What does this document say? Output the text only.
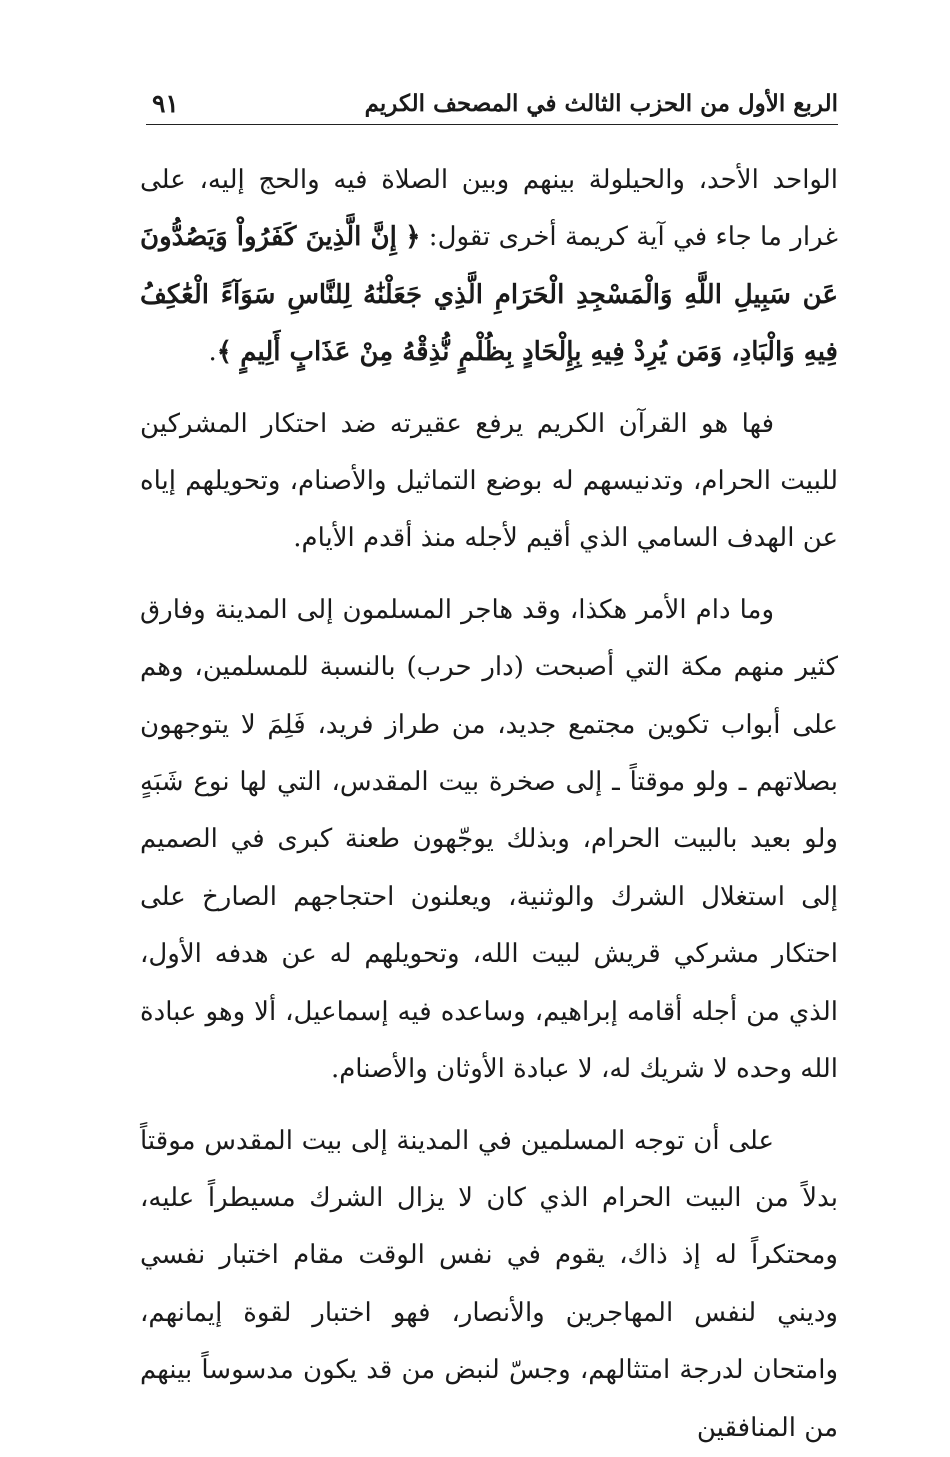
الربع الأول من الحزب الثالث في المصحف الكريم
٩١

الواحد الأحد، والحيلولة بينهم وبين الصلاة فيه والحج إليه، على غرار ما جاء في آية كريمة أخرى تقول: ﴿ إِنَّ الَّذِينَ كَفَرُواْ وَيَصُدُّونَ عَن سَبِيلِ اللَّهِ وَالْمَسْجِدِ الْحَرَامِ الَّذِي جَعَلْنَٰهُ لِلنَّاسِ سَوَآءً الْعَٰكِفُ فِيهِ وَالْبَادِ، وَمَن يُرِدْ فِيهِ بِإِلْحَادٍ بِظُلْمٍ نُّذِقْهُ مِنْ عَذَابٍ أَلِيمٍ ﴾.

فها هو القرآن الكريم يرفع عقيرته ضد احتكار المشركين للبيت الحرام، وتدنيسهم له بوضع التماثيل والأصنام، وتحويلهم إياه عن الهدف السامي الذي أقيم لأجله منذ أقدم الأيام.

وما دام الأمر هكذا، وقد هاجر المسلمون إلى المدينة وفارق كثير منهم مكة التي أصبحت (دار حرب) بالنسبة للمسلمين، وهم على أبواب تكوين مجتمع جديد، من طراز فريد، فَلِمَ لا يتوجهون بصلاتهم ـ ولو موقتاً ـ إلى صخرة بيت المقدس، التي لها نوع شَبَهٍ ولو بعيد بالبيت الحرام، وبذلك يوجّهون طعنة كبرى في الصميم إلى استغلال الشرك والوثنية، ويعلنون احتجاجهم الصارخ على احتكار مشركي قريش لبيت الله، وتحويلهم له عن هدفه الأول، الذي من أجله أقامه إبراهيم، وساعده فيه إسماعيل، ألا وهو عبادة الله وحده لا شريك له، لا عبادة الأوثان والأصنام.

على أن توجه المسلمين في المدينة إلى بيت المقدس موقتاً بدلاً من البيت الحرام الذي كان لا يزال الشرك مسيطراً عليه، ومحتكراً له إذ ذاك، يقوم في نفس الوقت مقام اختبار نفسي وديني لنفس المهاجرين والأنصار، فهو اختبار لقوة إيمانهم، وامتحان لدرجة امتثالهم، وجسّ لنبض من قد يكون مدسوساً بينهم من المنافقين
